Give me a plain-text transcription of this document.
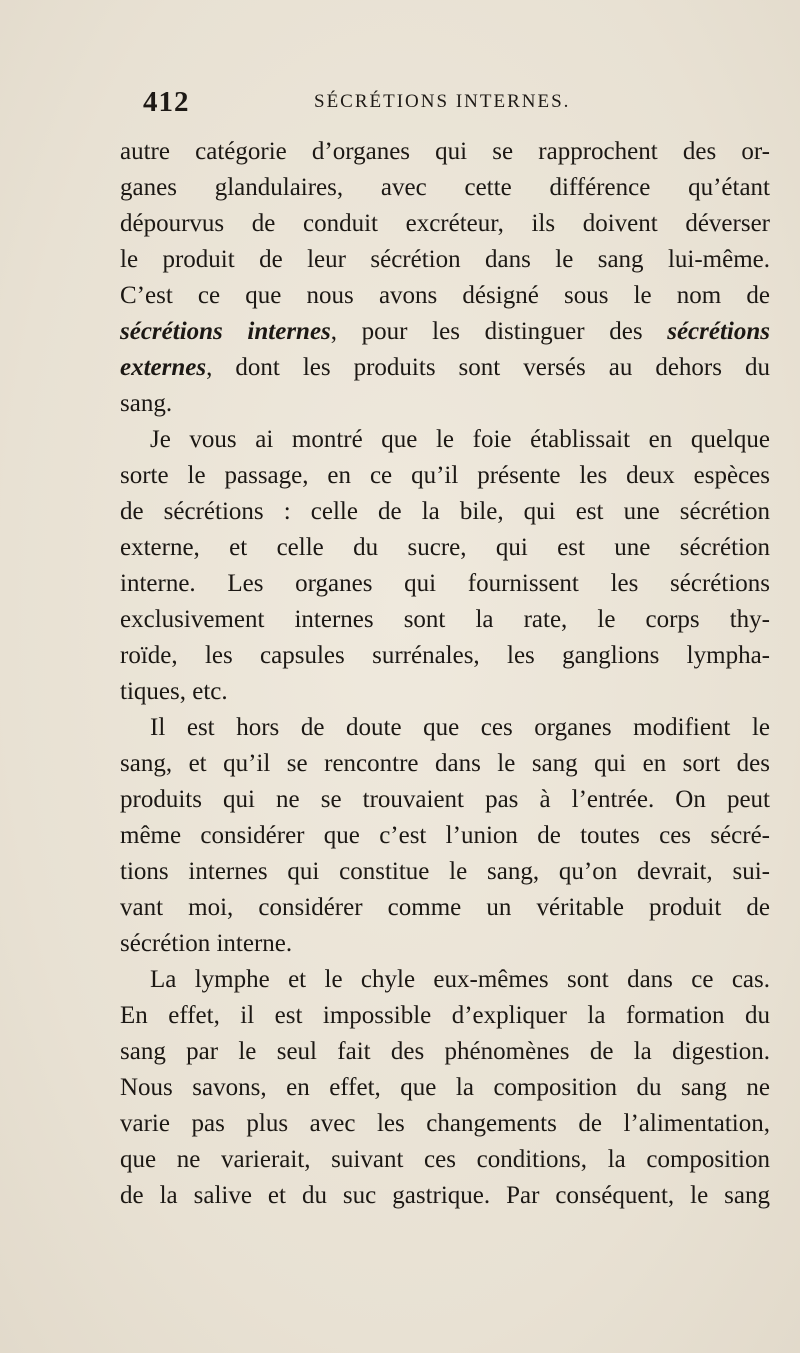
412	SÉCRÉTIONS INTERNES.
autre catégorie d’organes qui se rapprochent des or-
ganes glandulaires, avec cette différence qu’étant
dépourvus de conduit excréteur, ils doivent déverser
le produit de leur sécrétion dans le sang lui-même.
C’est ce que nous avons désigné sous le nom de
sécrétions internes, pour les distinguer des sécrétions
externes, dont les produits sont versés au dehors du
sang.
Je vous ai montré que le foie établissait en quelque
sorte le passage, en ce qu’il présente les deux espèces
de sécrétions : celle de la bile, qui est une sécrétion
externe, et celle du sucre, qui est une sécrétion
interne. Les organes qui fournissent les sécrétions
exclusivement internes sont la rate, le corps thy-
roïde, les capsules surrénales, les ganglions lympha-
tiques, etc.
Il est hors de doute que ces organes modifient le
sang, et qu’il se rencontre dans le sang qui en sort des
produits qui ne se trouvaient pas à l’entrée. On peut
même considérer que c’est l’union de toutes ces sécré-
tions internes qui constitue le sang, qu’on devrait, sui-
vant moi, considérer comme un véritable produit de
sécrétion interne.
La lymphe et le chyle eux-mêmes sont dans ce cas.
En effet, il est impossible d’expliquer la formation du
sang par le seul fait des phénomènes de la digestion.
Nous savons, en effet, que la composition du sang ne
varie pas plus avec les changements de l’alimentation,
que ne varierait, suivant ces conditions, la composition
de la salive et du suc gastrique. Par conséquent, le sang
